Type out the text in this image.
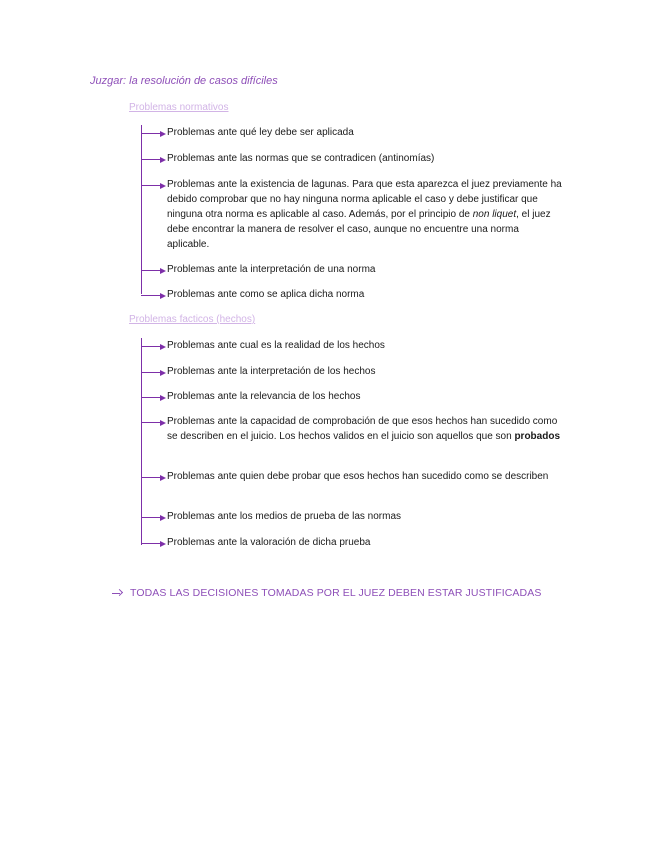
Juzgar: la resolución de casos difíciles
Problemas normativos
Problemas ante qué ley debe ser aplicada
Problemas ante las normas que se contradicen (antinomías)
Problemas ante la existencia de lagunas. Para que esta aparezca el juez previamente ha debido comprobar que no hay ninguna norma aplicable el caso y debe justificar que ninguna otra norma es aplicable al caso. Además, por el principio de non liquet, el juez debe encontrar la manera de resolver el caso, aunque no encuentre una norma aplicable.
Problemas ante la interpretación de una norma
Problemas ante como se aplica dicha norma
Problemas facticos (hechos)
Problemas ante cual es la realidad de los hechos
Problemas ante la interpretación de los hechos
Problemas ante la relevancia de los hechos
Problemas ante la capacidad de comprobación de que esos hechos han sucedido como se describen en el juicio. Los hechos validos en el juicio son aquellos que son probados
Problemas ante quien debe probar que esos hechos han sucedido como se describen
Problemas ante los medios de prueba de las normas
Problemas ante la valoración de dicha prueba
TODAS LAS DECISIONES TOMADAS POR EL JUEZ DEBEN ESTAR JUSTIFICADAS
